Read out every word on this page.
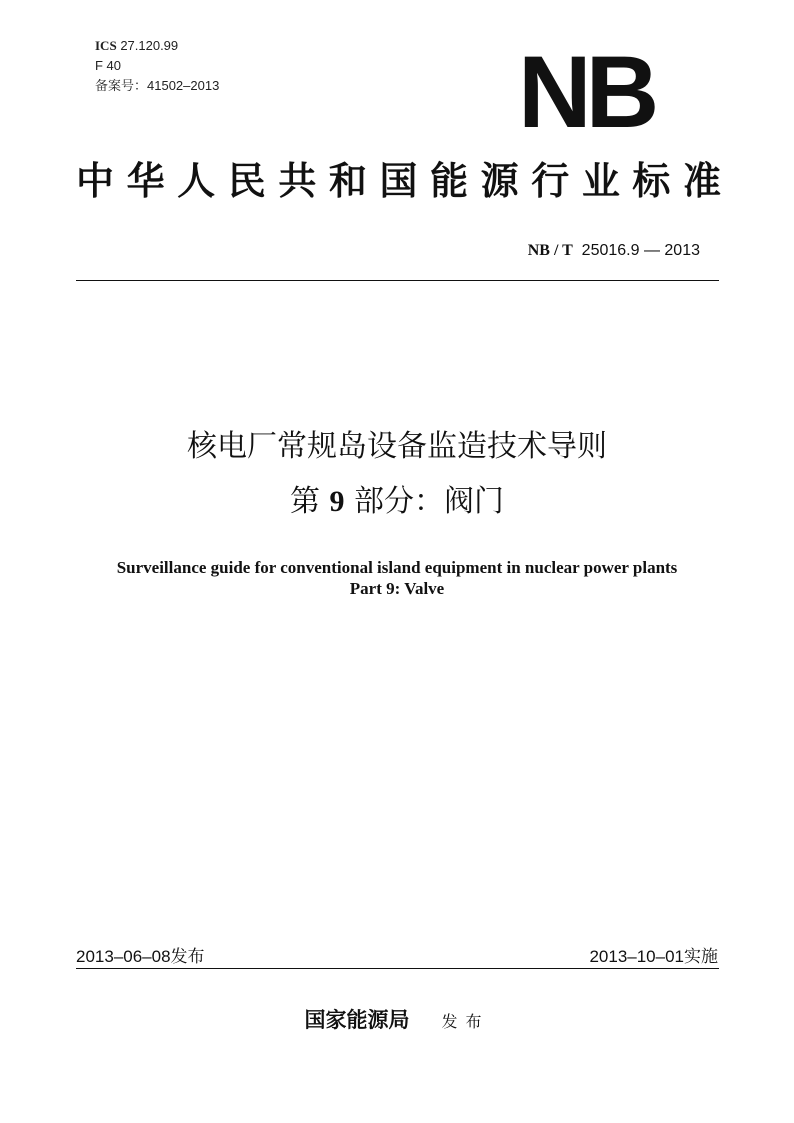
ICS 27.120.99
F 40
备案号：41502–2013	NB
中华人民共和国能源行业标准
NB / T 25016.9 — 2013
核电厂常规岛设备监造技术导则
第 9 部分：阀门
Surveillance guide for conventional island equipment in nuclear power plants
Part 9: Valve
2013–06–08发布	2013–10–01实施
国家能源局 发布
